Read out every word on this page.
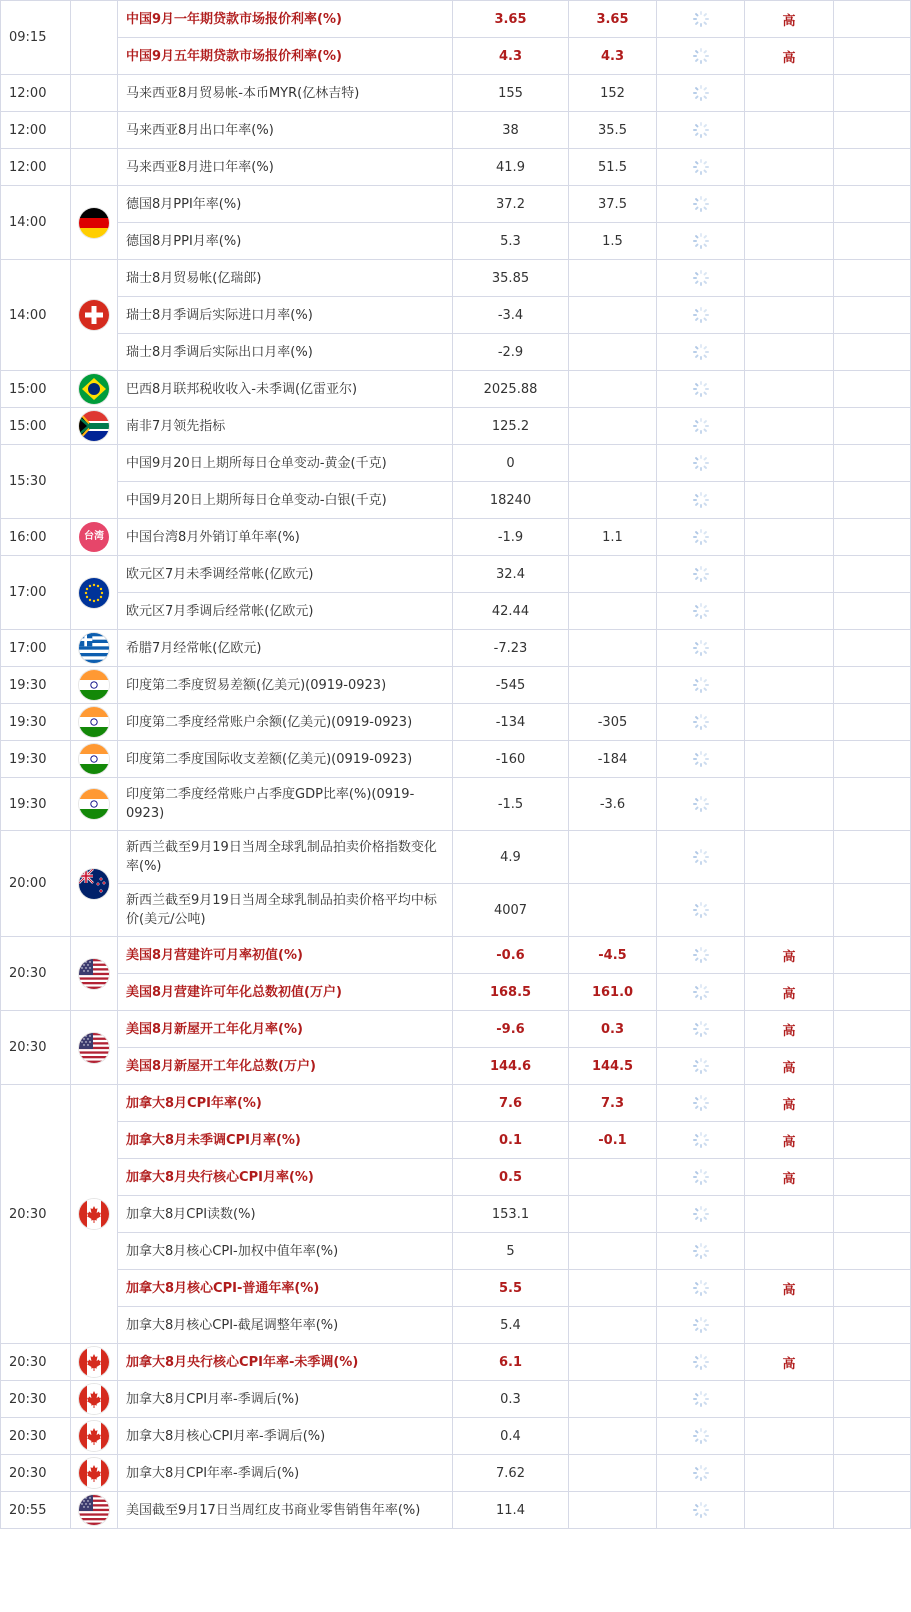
09:15		中国9月一年期贷款市场报价利率(%)	3.65	3.65		高	
		中国9月五年期贷款市场报价利率(%)	4.3	4.3		高	
12:00		马来西亚8月贸易帐-本币MYR(亿林吉特)	155	152	

12:00		马来西亚8月出口年率(%)	38	35.5	

12:00		马来西亚8月进口年率(%)	41.9	51.5	

14:00		德国8月PPI年率(%)	37.2	37.5	

		德国8月PPI月率(%)	5.3	1.5	

14:00		瑞士8月贸易帐(亿瑞郎)	35.85		

		瑞士8月季调后实际进口月率(%)	-3.4		

		瑞士8月季调后实际出口月率(%)	-2.9		

15:00		巴西8月联邦税收收入-未季调(亿雷亚尔)	2025.88		

15:00		南非7月领先指标	125.2		

15:30		中国9月20日上期所每日仓单变动-黄金(千克)	0		

		中国9月20日上期所每日仓单变动-白银(千克)	18240		

16:00	台湾	中国台湾8月外销订单年率(%)	-1.9	1.1	

17:00		欧元区7月未季调经常帐(亿欧元)	32.4		

		欧元区7月季调后经常帐(亿欧元)	42.44		

17:00		希腊7月经常帐(亿欧元)	-7.23		

19:30		印度第二季度贸易差额(亿美元)(0919-0923)	-545		

19:30		印度第二季度经常账户余额(亿美元)(0919-0923)	-134	-305	

19:30		印度第二季度国际收支差额(亿美元)(0919-0923)	-160	-184	

19:30		印度第二季度经常账户占季度GDP比率(%)(0919-0923)	-1.5	-3.6	

20:00		新西兰截至9月19日当周全球乳制品拍卖价格指数变化率(%)	4.9		

		新西兰截至9月19日当周全球乳制品拍卖价格平均中标价(美元/公吨)	4007		

20:30		美国8月营建许可月率初值(%)	-0.6	-4.5		高	
		美国8月营建许可年化总数初值(万户)	168.5	161.0		高	
20:30		美国8月新屋开工年化月率(%)	-9.6	0.3		高	
		美国8月新屋开工年化总数(万户)	144.6	144.5		高	
20:30		加拿大8月CPI年率(%)	7.6	7.3		高	
		加拿大8月未季调CPI月率(%)	0.1	-0.1		高	
		加拿大8月央行核心CPI月率(%)	0.5			高	
		加拿大8月CPI读数(%)	153.1		

		加拿大8月核心CPI-加权中值年率(%)	5		

		加拿大8月核心CPI-普通年率(%)	5.5			高	
		加拿大8月核心CPI-截尾调整年率(%)	5.4		

20:30		加拿大8月央行核心CPI年率-未季调(%)	6.1			高	
20:30		加拿大8月CPI月率-季调后(%)	0.3		

20:30		加拿大8月核心CPI月率-季调后(%)	0.4		

20:30		加拿大8月CPI年率-季调后(%)	7.62		

20:55		美国截至9月17日当周红皮书商业零售销售年率(%)	11.4		
